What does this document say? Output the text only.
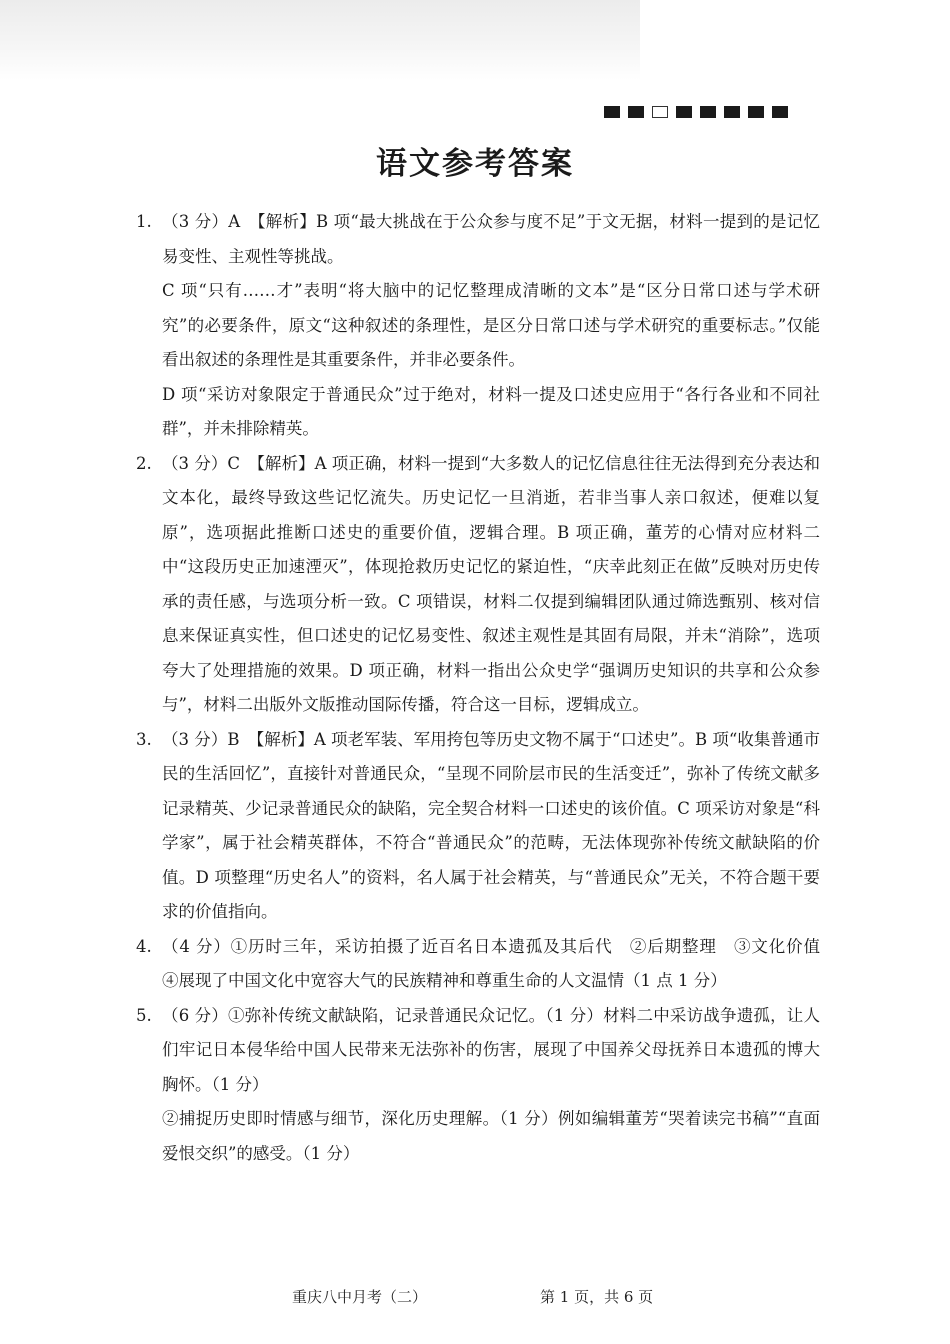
语文参考答案
1. （3 分）A　【解析】B 项“最大挑战在于公众参与度不足”于文无据，材料一提到的是记忆易变性、主观性等挑战。

C 项“只有……才”表明“将大脑中的记忆整理成清晰的文本”是“区分日常口述与学术研究”的必要条件，原文“这种叙述的条理性，是区分日常口述与学术研究的重要标志。”仅能看出叙述的条理性是其重要条件，并非必要条件。

D 项“采访对象限定于普通民众”过于绝对，材料一提及口述史应用于“各行各业和不同社群”，并未排除精英。

2. （3 分）C　【解析】A 项正确，材料一提到“大多数人的记忆信息往往无法得到充分表达和文本化，最终导致这些记忆流失。历史记忆一旦消逝，若非当事人亲口叙述，便难以复原”，选项据此推断口述史的重要价值，逻辑合理。B 项正确，董芳的心情对应材料二中“这段历史正加速湮灭”，体现抢救历史记忆的紧迫性，“庆幸此刻正在做”反映对历史传承的责任感，与选项分析一致。C 项错误，材料二仅提到编辑团队通过筛选甄别、核对信息来保证真实性，但口述史的记忆易变性、叙述主观性是其固有局限，并未“消除”，选项夸大了处理措施的效果。D 项正确，材料一指出公众史学“强调历史知识的共享和公众参与”，材料二出版外文版推动国际传播，符合这一目标，逻辑成立。

3. （3 分）B　【解析】A 项老军装、军用挎包等历史文物不属于“口述史”。B 项“收集普通市民的生活回忆”，直接针对普通民众，“呈现不同阶层市民的生活变迁”，弥补了传统文献多记录精英、少记录普通民众的缺陷，完全契合材料一口述史的该价值。C 项采访对象是“科学家”，属于社会精英群体，不符合“普通民众”的范畴，无法体现弥补传统文献缺陷的价值。D 项整理“历史名人”的资料，名人属于社会精英，与“普通民众”无关，不符合题干要求的价值指向。

4. （4 分）①历时三年，采访拍摄了近百名日本遗孤及其后代　②后期整理　③文化价值　④展现了中国文化中宽容大气的民族精神和尊重生命的人文温情（1 点 1 分）

5. （6 分）①弥补传统文献缺陷，记录普通民众记忆。（1 分）材料二中采访战争遗孤，让人们牢记日本侵华给中国人民带来无法弥补的伤害，展现了中国养父母抚养日本遗孤的博大胸怀。（1 分）

②捕捉历史即时情感与细节，深化历史理解。（1 分）例如编辑董芳“哭着读完书稿”“直面爱恨交织”的感受。（1 分）

重庆八中月考（二）	第 1 页，共 6 页
